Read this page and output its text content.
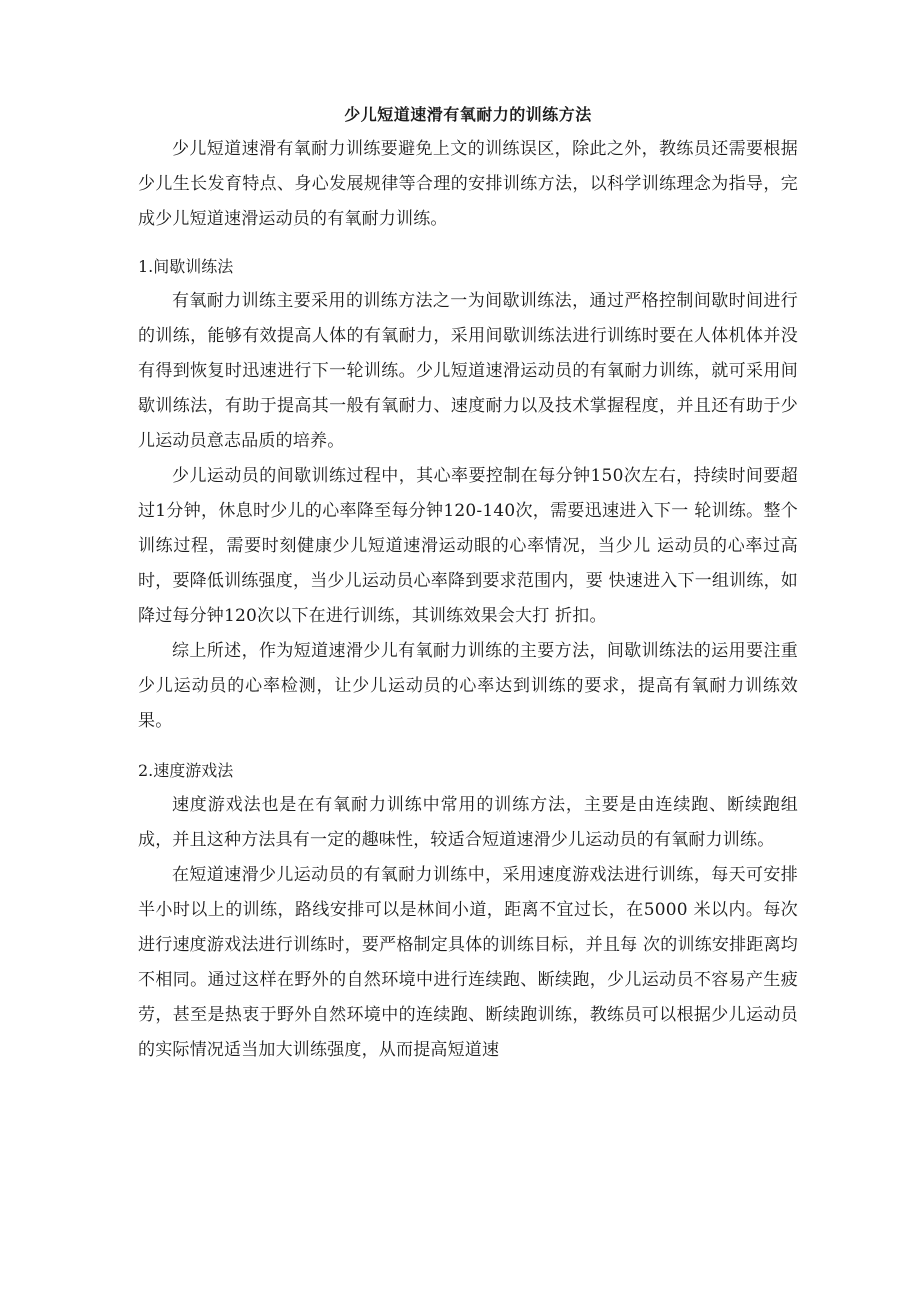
少儿短道速滑有氧耐力的训练方法

少儿短道速滑有氧耐力训练要避免上文的训练误区，除此之外，教练员还需要根据少儿生长发育特点、身心发展规律等合理的安排训练方法，以科学训练理念为指导，完成少儿短道速滑运动员的有氧耐力训练。

1.间歇训练法

有氧耐力训练主要采用的训练方法之一为间歇训练法，通过严格控制间歇时间进行的训练，能够有效提高人体的有氧耐力，采用间歇训练法进行训练时要在人体机体并没有得到恢复时迅速进行下一轮训练。少儿短道速滑运动员的有氧耐力训练，就可采用间歇训练法，有助于提高其一般有氧耐力、速度耐力以及技术掌握程度，并且还有助于少儿运动员意志品质的培养。

少儿运动员的间歇训练过程中，其心率要控制在每分钟150次左右，持续时间要超过1分钟，休息时少儿的心率降至每分钟120-140次，需要迅速进入下一 轮训练。整个训练过程，需要时刻健康少儿短道速滑运动眼的心率情况，当少儿 运动员的心率过高时，要降低训练强度，当少儿运动员心率降到要求范围内，要 快速进入下一组训练，如降过每分钟120次以下在进行训练，其训练效果会大打 折扣。

综上所述，作为短道速滑少儿有氧耐力训练的主要方法，间歇训练法的运用要注重少儿运动员的心率检测，让少儿运动员的心率达到训练的要求，提高有氧耐力训练效果。

2.速度游戏法

速度游戏法也是在有氧耐力训练中常用的训练方法，主要是由连续跑、断续跑组成，并且这种方法具有一定的趣味性，较适合短道速滑少儿运动员的有氧耐力训练。

在短道速滑少儿运动员的有氧耐力训练中，采用速度游戏法进行训练，每天可安排半小时以上的训练，路线安排可以是林间小道，距离不宜过长，在5000 米以内。每次进行速度游戏法进行训练时，要严格制定具体的训练目标，并且每 次的训练安排距离均不相同。通过这样在野外的自然环境中进行连续跑、断续跑，少儿运动员不容易产生疲劳，甚至是热衷于野外自然环境中的连续跑、断续跑训练，教练员可以根据少儿运动员的实际情况适当加大训练强度，从而提高短道速
